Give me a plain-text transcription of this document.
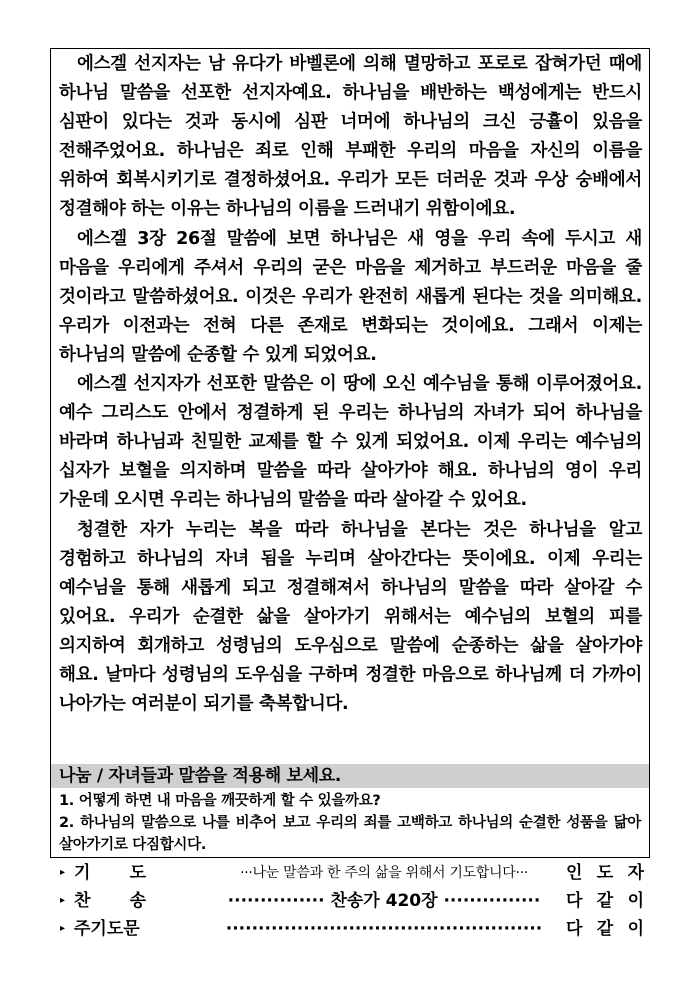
에스겔 선지자는 남 유다가 바벨론에 의해 멸망하고 포로로 잡혀가던 때에 하나님 말씀을 선포한 선지자예요. 하나님을 배반하는 백성에게는 반드시 심판이 있다는 것과 동시에 심판 너머에 하나님의 크신 긍휼이 있음을 전해주었어요. 하나님은 죄로 인해 부패한 우리의 마음을 자신의 이름을 위하여 회복시키기로 결정하셨어요. 우리가 모든 더러운 것과 우상 숭배에서 정결해야 하는 이유는 하나님의 이름을 드러내기 위함이에요.

에스겔 3장 26절 말씀에 보면 하나님은 새 영을 우리 속에 두시고 새 마음을 우리에게 주셔서 우리의 굳은 마음을 제거하고 부드러운 마음을 줄 것이라고 말씀하셨어요. 이것은 우리가 완전히 새롭게 된다는 것을 의미해요. 우리가 이전과는 전혀 다른 존재로 변화되는 것이에요. 그래서 이제는 하나님의 말씀에 순종할 수 있게 되었어요.

에스겔 선지자가 선포한 말씀은 이 땅에 오신 예수님을 통해 이루어졌어요. 예수 그리스도 안에서 정결하게 된 우리는 하나님의 자녀가 되어 하나님을 바라며 하나님과 친밀한 교제를 할 수 있게 되었어요. 이제 우리는 예수님의 십자가 보혈을 의지하며 말씀을 따라 살아가야 해요. 하나님의 영이 우리 가운데 오시면 우리는 하나님의 말씀을 따라 살아갈 수 있어요.

청결한 자가 누리는 복을 따라 하나님을 본다는 것은 하나님을 알고 경험하고 하나님의 자녀 됨을 누리며 살아간다는 뜻이에요. 이제 우리는 예수님을 통해 새롭게 되고 정결해져서 하나님의 말씀을 따라 살아갈 수 있어요. 우리가 순결한 삶을 살아가기 위해서는 예수님의 보혈의 피를 의지하여 회개하고 성령님의 도우심으로 말씀에 순종하는 삶을 살아가야 해요. 날마다 성령님의 도우심을 구하며 정결한 마음으로 하나님께 더 가까이 나아가는 여러분이 되기를 축복합니다.

나눔 / 자녀들과 말씀을 적용해 보세요.

1. 어떻게 하면 내 마음을 깨끗하게 할 수 있을까요?

2. 하나님의 말씀으로 나를 비추어 보고 우리의 죄를 고백하고 하나님의 순결한 성품을 닮아 살아가기로 다짐합시다.

▸ 기 도	···나눈 말씀과 한 주의 삶을 위해서 기도합니다···	인 도 자
▸ 찬 송	··············· 찬송가 420장 ···············	다 같 이
▸ 주기도문	·················································	다 같 이
